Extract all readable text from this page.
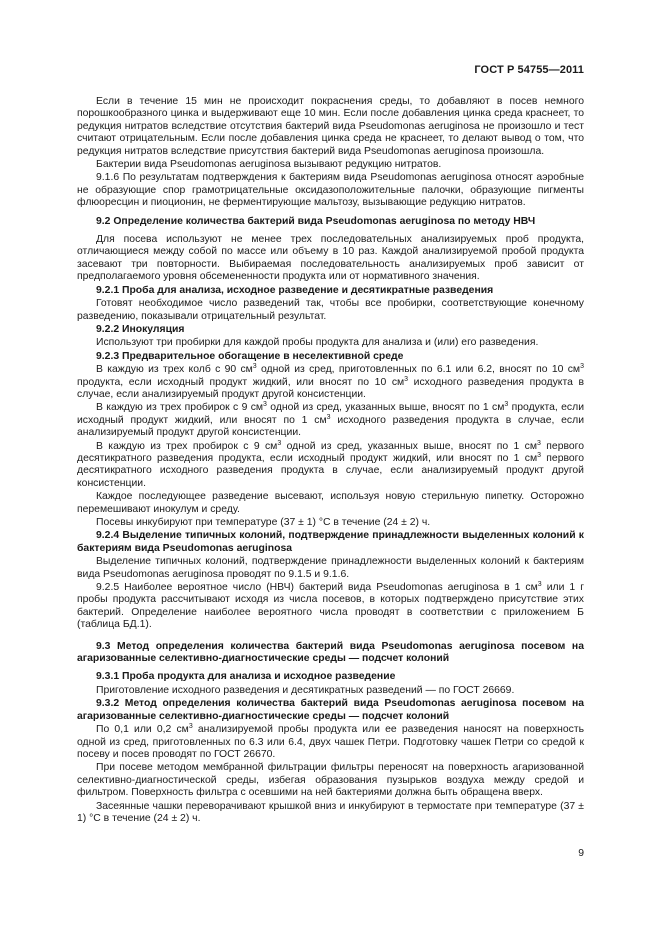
ГОСТ Р 54755—2011

Если в течение 15 мин не происходит покраснения среды, то добавляют в посев немного порошкообразного цинка и выдерживают еще 10 мин. Если после добавления цинка среда краснеет, то редукция нитратов вследствие отсутствия бактерий вида Pseudomonas aeruginosa не произошло и тест считают отрицательным. Если после добавления цинка среда не краснеет, то делают вывод о том, что редукция нитратов вследствие присутствия бактерий вида Pseudomonas aeruginosa произошла.

Бактерии вида Pseudomonas aeruginosa вызывают редукцию нитратов.

9.1.6 По результатам подтверждения к бактериям вида Pseudomonas aeruginosa относят аэробные не образующие спор грамотрицательные оксидазоположительные палочки, образующие пигменты флюоресцин и пиоционин, не ферментирующие мальтозу, вызывающие редукцию нитратов.

9.2 Определение количества бактерий вида Pseudomonas aeruginosa по методу НВЧ

Для посева используют не менее трех последовательных анализируемых проб продукта, отличающиеся между собой по массе или объему в 10 раз. Каждой анализируемой пробой продукта засевают три повторности. Выбираемая последовательность анализируемых проб зависит от предполагаемого уровня обсемененности продукта или от нормативного значения.

9.2.1 Проба для анализа, исходное разведение и десятикратные разведения

Готовят необходимое число разведений так, чтобы все пробирки, соответствующие конечному разведению, показывали отрицательный результат.

9.2.2 Инокуляция

Используют три пробирки для каждой пробы продукта для анализа и (или) его разведения.

9.2.3 Предварительное обогащение в неселективной среде

В каждую из трех колб с 90 $см^3$ одной из сред, приготовленных по 6.1 или 6.2, вносят по 10 $см^3$ продукта, если исходный продукт жидкий, или вносят по 10 $см^3$ исходного разведения продукта в случае, если анализируемый продукт другой консистенции.

В каждую из трех пробирок с 9 $см^3$ одной из сред, указанных выше, вносят по 1 $см^3$ продукта, если исходный продукт жидкий, или вносят по 1 $см^3$ исходного разведения продукта в случае, если анализируемый продукт другой консистенции.

В каждую из трех пробирок с 9 $см^3$ одной из сред, указанных выше, вносят по 1 $см^3$ первого десятикратного разведения продукта, если исходный продукт жидкий, или вносят по 1 $см^3$ первого десятикратного исходного разведения продукта в случае, если анализируемый продукт другой консистенции.

Каждое последующее разведение высевают, используя новую стерильную пипетку. Осторожно перемешивают инокулум и среду.

Посевы инкубируют при температуре (37 ± 1) °С в течение (24 ± 2) ч.

9.2.4 Выделение типичных колоний, подтверждение принадлежности выделенных колоний к бактериям вида Pseudomonas aeruginosa

Выделение типичных колоний, подтверждение принадлежности выделенных колоний к бактериям вида Pseudomonas aeruginosa проводят по 9.1.5 и 9.1.6.

9.2.5 Наиболее вероятное число (НВЧ) бактерий вида Pseudomonas aeruginosa в 1 $см^3$ или 1 г пробы продукта рассчитывают исходя из числа посевов, в которых подтверждено присутствие этих бактерий. Определение наиболее вероятного числа проводят в соответствии с приложением Б (таблица БД.1).

9.3 Метод определения количества бактерий вида Pseudomonas aeruginosa посевом на агаризованные селективно-диагностические среды — подсчет колоний

9.3.1 Проба продукта для анализа и исходное разведение

Приготовление исходного разведения и десятикратных разведений — по ГОСТ 26669.

9.3.2 Метод определения количества бактерий вида Pseudomonas aeruginosa посевом на агаризованные селективно-диагностические среды — подсчет колоний

По 0,1 или 0,2 $см^3$ анализируемой пробы продукта или ее разведения наносят на поверхность одной из сред, приготовленных по 6.3 или 6.4, двух чашек Петри. Подготовку чашек Петри со средой к посеву и посев проводят по ГОСТ 26670.

При посеве методом мембранной фильтрации фильтры переносят на поверхность агаризованной селективно-диагностической среды, избегая образования пузырьков воздуха между средой и фильтром. Поверхность фильтра с осевшими на ней бактериями должна быть обращена вверх.

Засеянные чашки переворачивают крышкой вниз и инкубируют в термостате при температуре (37 ± 1) °С в течение (24 ± 2) ч.

9
